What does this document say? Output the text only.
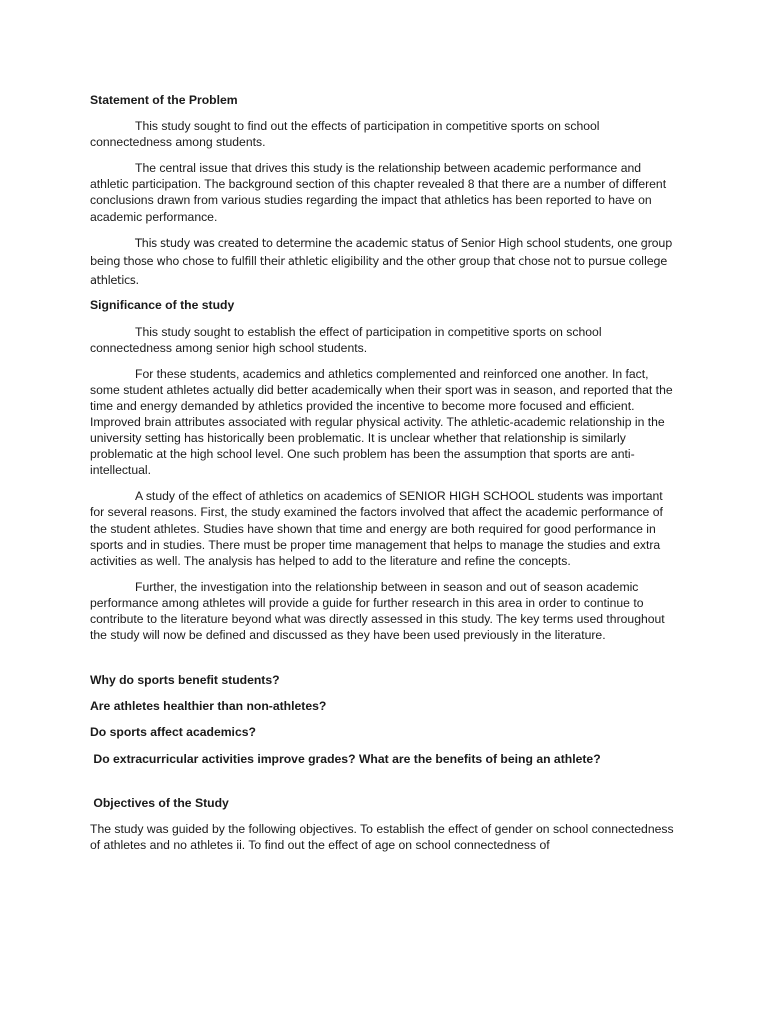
Statement of the Problem

This study sought to find out the effects of participation in competitive sports on school connectedness among students.

The central issue that drives this study is the relationship between academic performance and athletic participation. The background section of this chapter revealed 8 that there are a number of different conclusions drawn from various studies regarding the impact that athletics has been reported to have on academic performance.

This study was created to determine the academic status of Senior High school students, one group being those who chose to fulfill their athletic eligibility and the other group that chose not to pursue college athletics.

Significance of the study

This study sought to establish the effect of participation in competitive sports on school connectedness among senior high school students.

For these students, academics and athletics complemented and reinforced one another. In fact, some student athletes actually did better academically when their sport was in season, and reported that the time and energy demanded by athletics provided the incentive to become more focused and efficient. Improved brain attributes associated with regular physical activity. The athletic-academic relationship in the university setting has historically been problematic. It is unclear whether that relationship is similarly problematic at the high school level. One such problem has been the assumption that sports are anti-intellectual.

A study of the effect of athletics on academics of SENIOR HIGH SCHOOL students was important for several reasons. First, the study examined the factors involved that affect the academic performance of the student athletes. Studies have shown that time and energy are both required for good performance in sports and in studies. There must be proper time management that helps to manage the studies and extra activities as well. The analysis has helped to add to the literature and refine the concepts.

Further, the investigation into the relationship between in season and out of season academic performance among athletes will provide a guide for further research in this area in order to continue to contribute to the literature beyond what was directly assessed in this study. The key terms used throughout the study will now be defined and discussed as they have been used previously in the literature.

Why do sports benefit students?

Are athletes healthier than non-athletes?

Do sports affect academics?

Do extracurricular activities improve grades? What are the benefits of being an athlete?

Objectives of the Study

The study was guided by the following objectives. To establish the effect of gender on school connectedness of athletes and no athletes ii. To find out the effect of age on school connectedness of
